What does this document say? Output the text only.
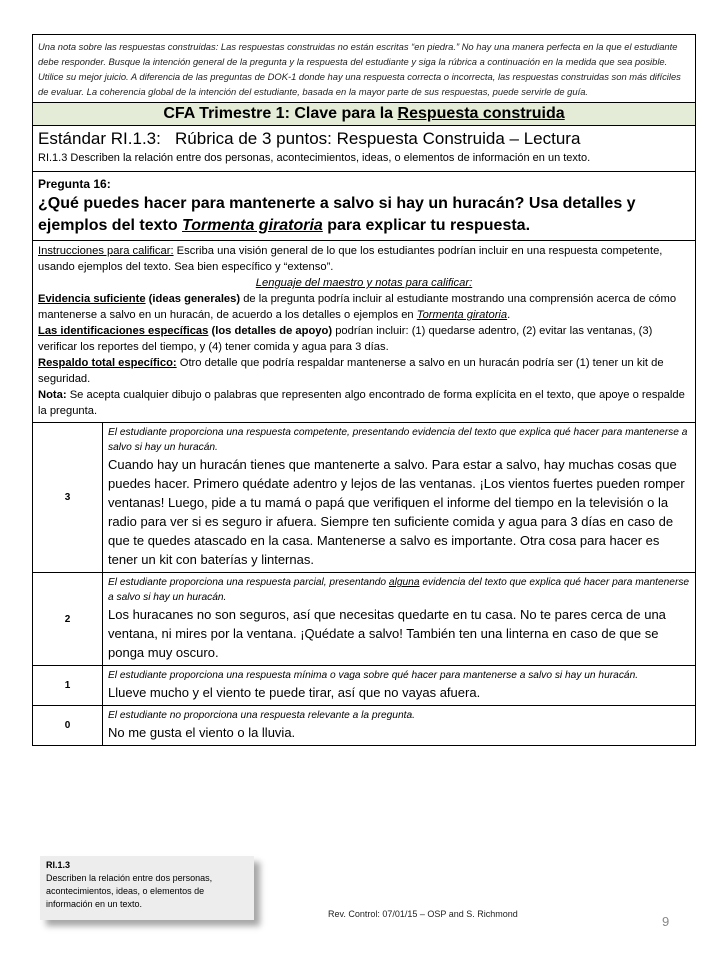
Una nota sobre las respuestas construidas: Las respuestas construidas no están escritas “en piedra.” No hay una manera perfecta en la que el estudiante debe responder. Busque la intención general de la pregunta y la respuesta del estudiante y siga la rúbrica a continuación en la medida que sea posible. Utilice su mejor juicio. A diferencia de las preguntas de DOK-1 donde hay una respuesta correcta o incorrecta, las respuestas construidas son más difíciles de evaluar. La coherencia global de la intención del estudiante, basada en la mayor parte de sus respuestas, puede servirle de guía.
CFA Trimestre 1: Clave para la Respuesta construida
Estándar RI.1.3: Rúbrica de 3 puntos: Respuesta Construida – Lectura
RI.1.3 Describen la relación entre dos personas, acontecimientos, ideas, o elementos de información en un texto.
Pregunta 16:
¿Qué puedes hacer para mantenerte a salvo si hay un huracán? Usa detalles y ejemplos del texto Tormenta giratoria para explicar tu respuesta.
Instrucciones para calificar: Escriba una visión general de lo que los estudiantes podrían incluir en una respuesta competente, usando ejemplos del texto. Sea bien específico y “extenso”.
Lenguaje del maestro y notas para calificar:
Evidencia suficiente (ideas generales) de la pregunta podría incluir al estudiante mostrando una comprensión acerca de cómo mantenerse a salvo en un huracán, de acuerdo a los detalles o ejemplos en Tormenta giratoria.
Las identificaciones específicas (los detalles de apoyo) podrían incluir: (1) quedarse adentro, (2) evitar las ventanas, (3) verificar los reportes del tiempo, y (4) tener comida y agua para 3 días.
Respaldo total específico: Otro detalle que podría respaldar mantenerse a salvo en un huracán podría ser (1) tener un kit de seguridad.
Nota: Se acepta cualquier dibujo o palabras que representen algo encontrado de forma explícita en el texto, que apoye o respalde la pregunta.
3
El estudiante proporciona una respuesta competente, presentando evidencia del texto que explica qué hacer para mantenerse a salvo si hay un huracán.
Cuando hay un huracán tienes que mantenerte a salvo. Para estar a salvo, hay muchas cosas que puedes hacer. Primero quédate adentro y lejos de las ventanas. ¡Los vientos fuertes pueden romper ventanas! Luego, pide a tu mamá o papá que verifiquen el informe del tiempo en la televisión o la radio para ver si es seguro ir afuera. Siempre ten suficiente comida y agua para 3 días en caso de que te quedes atascado en la casa. Mantenerse a salvo es importante. Otra cosa para hacer es tener un kit con baterías y linternas.
2
El estudiante proporciona una respuesta parcial, presentando alguna evidencia del texto que explica qué hacer para mantenerse a salvo si hay un huracán.
Los huracanes no son seguros, así que necesitas quedarte en tu casa. No te pares cerca de una ventana, ni mires por la ventana. ¡Quédate a salvo! También ten una linterna en caso de que se ponga muy oscuro.
1
El estudiante proporciona una respuesta mínima o vaga sobre qué hacer para mantenerse a salvo si hay un huracán.
Llueve mucho y el viento te puede tirar, así que no vayas afuera.
0
El estudiante no proporciona una respuesta relevante a la pregunta.
No me gusta el viento o la lluvia.
RI.1.3
Describen la relación entre dos personas, acontecimientos, ideas, o elementos de información en un texto.
Rev. Control: 07/01/15 – OSP and S. Richmond	9
